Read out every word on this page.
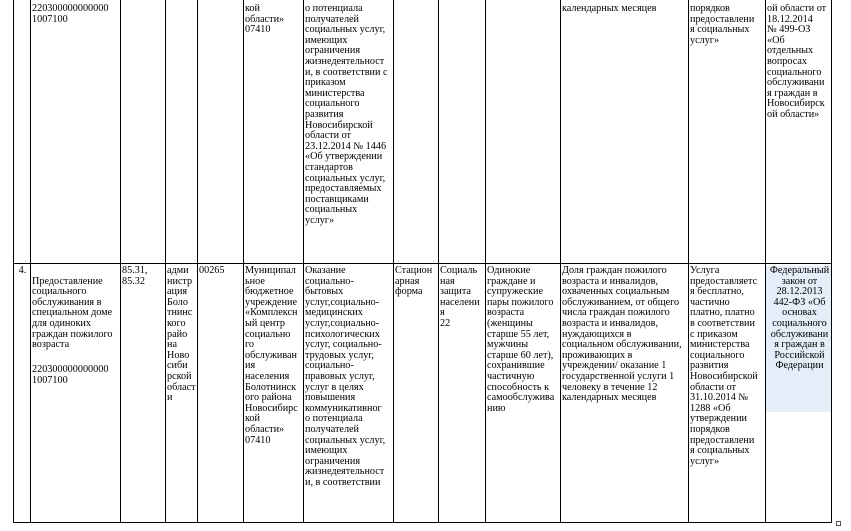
220300000000000
1007100
кой
области»
07410
о потенциала
получателей
социальных услуг,
имеющих
ограничения
жизнедеятельност
и, в соответствии с
приказом
министерства
социального
развития
Новосибирской
области от
23.12.2014 № 1446
«Об утверждении
стандартов
социальных услуг,
предоставляемых
поставщиками
социальных
услуг»
календарных месяцев	порядков
предоставлени
я социальных
услуг»
ой области от
18.12.2014
№ 499-ОЗ
«Об
отдельных
вопросах
социального
обслуживани
я граждан в
Новосибирск
ой области»
4.

Предоставление
социального
обслуживания в
специальном доме
для одиноких
граждан пожилого
возраста

220300000000000
1007100

85.31,
85.32
адми
нистр
ация
Боло
тнинс
кого
райо
на
Ново
сиби
рской
област
и
00265	Муниципал
ьное
бюджетное
учреждение
«Комплексн
ый центр
социально
го
обслуживан
ия
населения
Болотнинск
ого района
Новосибирс
кой
области»
07410
Оказание
социально-
бытовых
услуг,социально-
медицинских
услуг,социально-
психологических
услуг, социально-
трудовых услуг,
социально-
правовых услуг,
услуг в целях
повышения
коммуникативног
о потенциала
получателей
социальных услуг,
имеющих
ограничения
жизнедеятельност
и, в соответствии
Стацион
арная
форма
Социаль
ная
защита
населени
я
22
Одинокие
граждане и
супружеские
пары пожилого
возраста
(женщины
старше 55 лет,
мужчины
старше 60 лет),
сохранившие
частичную
способность к
самообслужива
нию
Доля граждан пожилого
возраста и инвалидов,
охваченных социальным
обслуживанием, от общего
числа граждан пожилого
возраста и инвалидов,
нуждающихся в
социальном обслуживании,
проживающих в
учреждении/ оказание 1
государственной услуги 1
человеку в течение 12
календарных месяцев
Услуга
предоставляетс
я бесплатно,
частично
платно, платно
в соответствии
с приказом
министерства
социального
развития
Новосибирской
области от
31.10.2014 №
1288 «Об
утверждении
порядков
предоставлени
я социальных
услуг»
Федеральный
закон от
28.12.2013
442-ФЗ «Об
основах
социального
обслуживани
я граждан в
Российской
Федерации
